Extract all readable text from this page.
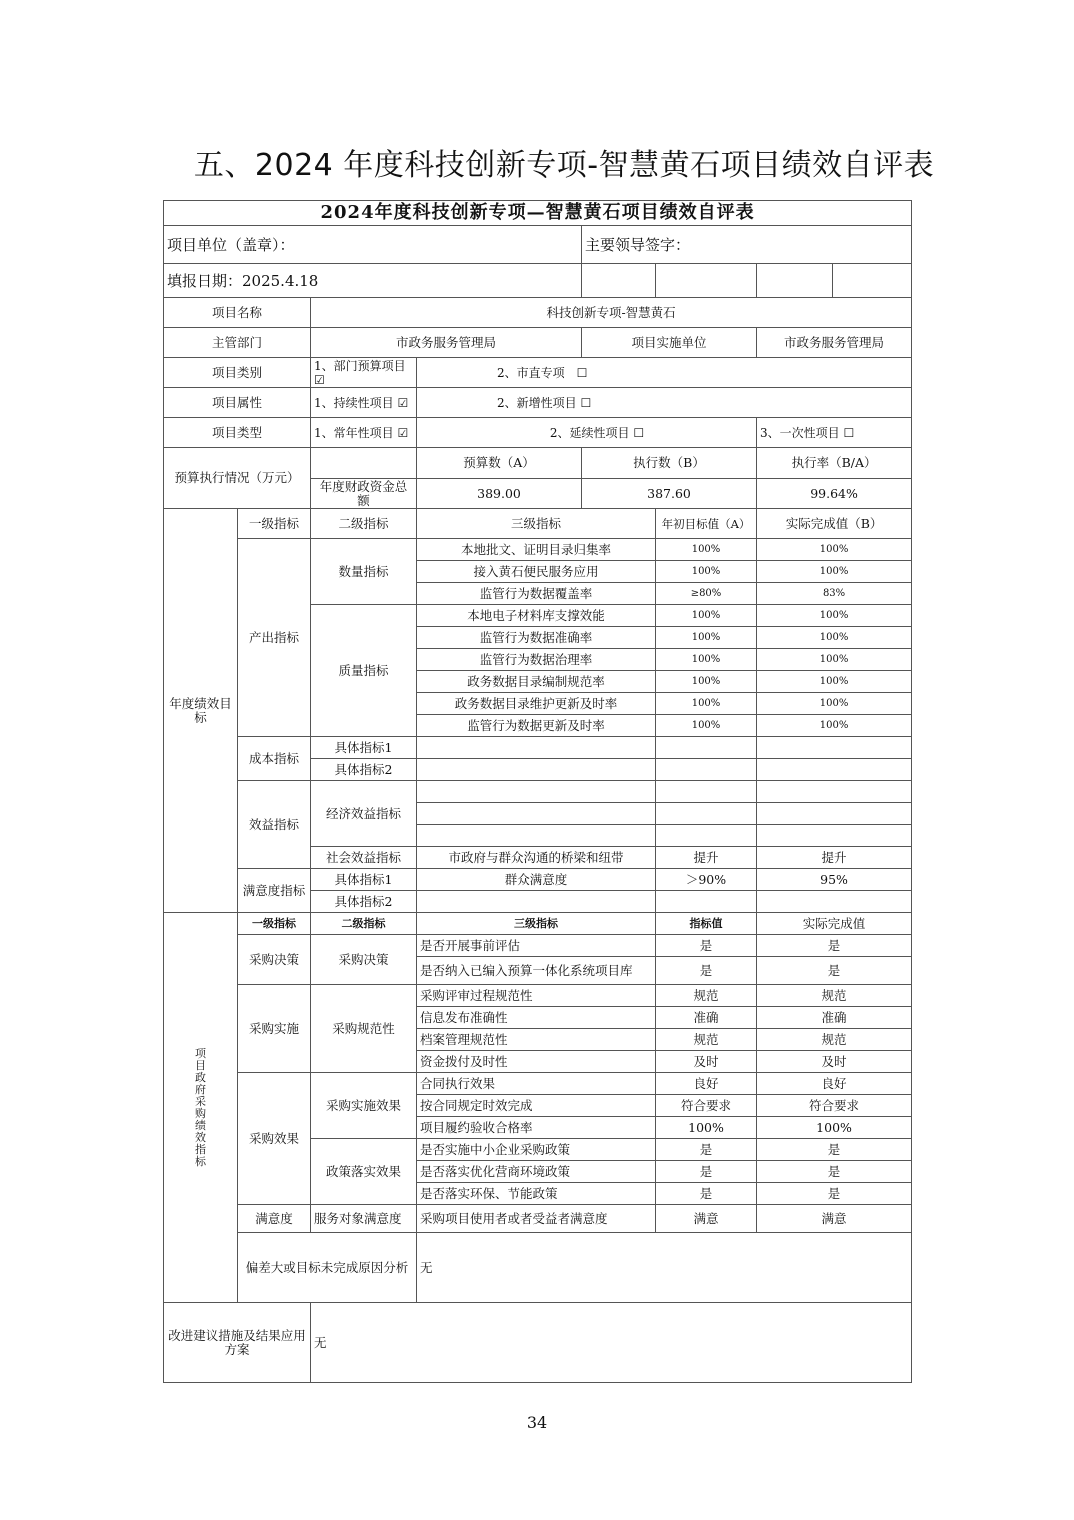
五、2024 年度科技创新专项-智慧黄石项目绩效自评表
2024年度科技创新专项—智慧黄石项目绩效自评表							
项目单位（盖章）：				主要领导签字：			
填报日期：2025.4.18							
项目名称		科技创新专项-智慧黄石					
主管部门		市政务服务管理局		项目实施单位		市政务服务管理局	
项目类别		1、部门预算项目 ☑	2、市直专项　☐				
项目属性		1、持续性项目 ☑	2、新增性项目 ☐				
项目类型		1、常年性项目 ☑	2、延续性项目 ☐			3、一次性项目 ☐	
预算执行情况（万元）			预算数（A）	执行数（B）		执行率（B/A）	
		年度财政资金总额	389.00	387.60		99.64%	
年度绩效目标	一级指标	二级指标	三级指标		年初目标值（A）	实际完成值（B）	
	产出指标	数量指标	本地批文、证明目录归集率		100%	100%	
			接入黄石便民服务应用		100%	100%	
			监管行为数据覆盖率		≥80%	83%	
		质量指标	本地电子材料库支撑效能		100%	100%	
			监管行为数据准确率		100%	100%	
			监管行为数据治理率		100%	100%	
			政务数据目录编制规范率		100%	100%	
			政务数据目录维护更新及时率		100%	100%	
			监管行为数据更新及时率		100%	100%	
	成本指标	具体指标1					
		具体指标2					
	效益指标	经济效益指标					

		社会效益指标	市政府与群众沟通的桥梁和纽带		提升	提升	
	满意度指标	具体指标1	群众满意度		＞90%	95%	
		具体指标2					
项目政府采购绩效指标	一级指标	二级指标	三级指标		指标值	实际完成值	
	采购决策	采购决策	是否开展事前评估		是	是	
			是否纳入已编入预算一体化系统项目库		是	是	
	采购实施	采购规范性	采购评审过程规范性		规范	规范	
			信息发布准确性		准确	准确	
			档案管理规范性		规范	规范	
			资金拨付及时性		及时	及时	
	采购效果	采购实施效果	合同执行效果		良好	良好	
			按合同规定时效完成		符合要求	符合要求	
			项目履约验收合格率		100%	100%	
		政策落实效果	是否实施中小企业采购政策		是	是	
			是否落实优化营商环境政策		是	是	
			是否落实环保、节能政策		是	是	
	满意度	服务对象满意度	采购项目使用者或者受益者满意度		满意	满意	
	偏差大或目标未完成原因分析		无				
改进建议措施及结果应用方案		无					
34
